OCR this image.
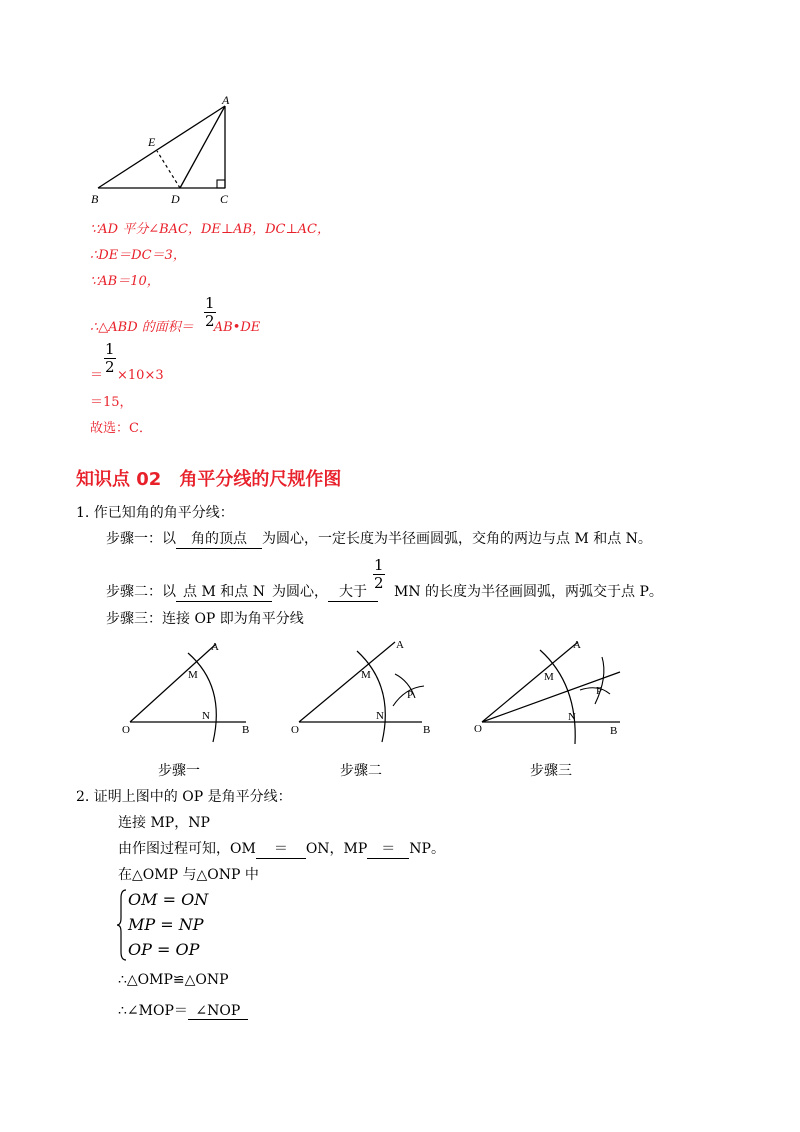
A
B	C
D
E
∵AD 平分∠BAC，DE⊥AB，DC⊥AC，
∴DE＝DC＝3，
∵AB＝10，
∴△ABD 的面积＝ AB•DE
$\frac{1}{2}$
＝ ×10×3
$\frac{1}{2}$
＝15，
故选：C．
知识点 02　角平分线的尺规作图
1. 作已知角的角平分线：
步骤一：以 角的顶点 为圆心，一定长度为半径画圆弧，交角的两边与点 M 和点 N。
步骤二：以 点 M 和点 N 为圆心， 大于 MN 的长度为半径画圆弧，两弧交于点 P。
$\frac{1}{2}$
步骤三：连接 OP 即为角平分线
A
M
N
O	B
A
M
N
P
O	B
A
M
N
P
O	B
步骤一	步骤二	步骤三
2. 证明上图中的 OP 是角平分线：
连接 MP，NP
由作图过程可知，OM ＝ ON，MP ＝ NP。
在△OMP 与△ONP 中
OM = ON
MP = NP
OP = OP
∴△OMP≌△ONP
∴∠MOP＝ ∠NOP
